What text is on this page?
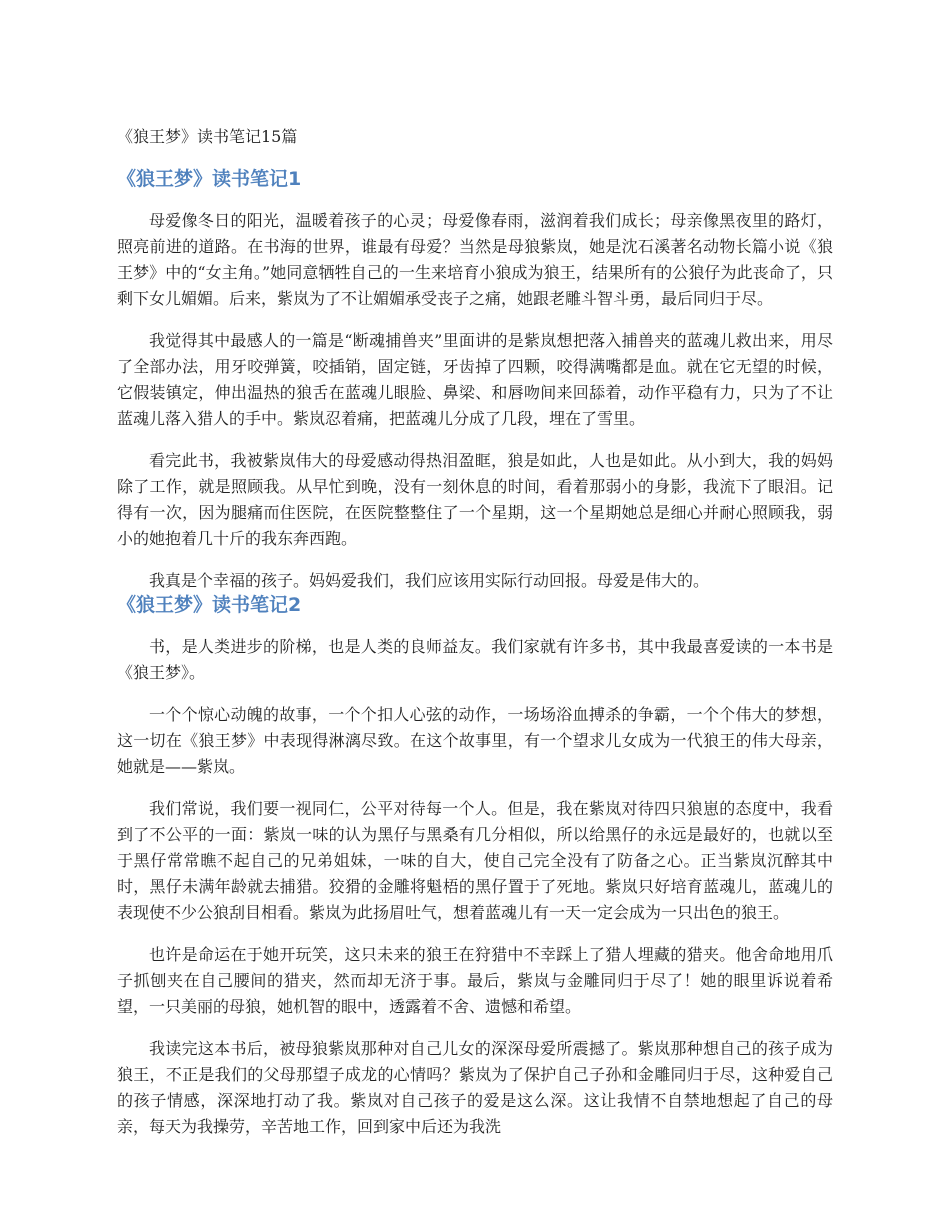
《狼王梦》读书笔记15篇
《狼王梦》读书笔记1

母爱像冬日的阳光，温暖着孩子的心灵；母爱像春雨，滋润着我们成长；母亲像黑夜里的路灯，照亮前进的道路。在书海的世界，谁最有母爱？当然是母狼紫岚，她是沈石溪著名动物长篇小说《狼王梦》中的“女主角。”她同意牺牲自己的一生来培育小狼成为狼王，结果所有的公狼仔为此丧命了，只剩下女儿媚媚。后来，紫岚为了不让媚媚承受丧子之痛，她跟老雕斗智斗勇，最后同归于尽。

我觉得其中最感人的一篇是“断魂捕兽夹”里面讲的是紫岚想把落入捕兽夹的蓝魂儿救出来，用尽了全部办法，用牙咬弹簧，咬插销，固定链，牙齿掉了四颗，咬得满嘴都是血。就在它无望的时候，它假装镇定，伸出温热的狼舌在蓝魂儿眼脸、鼻梁、和唇吻间来回舔着，动作平稳有力，只为了不让蓝魂儿落入猎人的手中。紫岚忍着痛，把蓝魂儿分成了几段，埋在了雪里。

看完此书，我被紫岚伟大的母爱感动得热泪盈眶，狼是如此，人也是如此。从小到大，我的妈妈除了工作，就是照顾我。从早忙到晚，没有一刻休息的时间，看着那弱小的身影，我流下了眼泪。记得有一次，因为腿痛而住医院，在医院整整住了一个星期，这一个星期她总是细心并耐心照顾我，弱小的她抱着几十斤的我东奔西跑。

我真是个幸福的孩子。妈妈爱我们，我们应该用实际行动回报。母爱是伟大的。

《狼王梦》读书笔记2

书，是人类进步的阶梯，也是人类的良师益友。我们家就有许多书，其中我最喜爱读的一本书是《狼王梦》。

一个个惊心动魄的故事，一个个扣人心弦的动作，一场场浴血搏杀的争霸，一个个伟大的梦想，这一切在《狼王梦》中表现得淋漓尽致。在这个故事里，有一个望求儿女成为一代狼王的伟大母亲，她就是——紫岚。

我们常说，我们要一视同仁，公平对待每一个人。但是，我在紫岚对待四只狼崽的态度中，我看到了不公平的一面：紫岚一味的认为黑仔与黑桑有几分相似，所以给黑仔的永远是最好的，也就以至于黑仔常常瞧不起自己的兄弟姐妹，一味的自大，使自己完全没有了防备之心。正当紫岚沉醉其中时，黑仔未满年龄就去捕猎。狡猾的金雕将魁梧的黑仔置于了死地。紫岚只好培育蓝魂儿，蓝魂儿的表现使不少公狼刮目相看。紫岚为此扬眉吐气，想着蓝魂儿有一天一定会成为一只出色的狼王。

也许是命运在于她开玩笑，这只未来的狼王在狩猎中不幸踩上了猎人埋藏的猎夹。他舍命地用爪子抓刨夹在自己腰间的猎夹，然而却无济于事。最后，紫岚与金雕同归于尽了！她的眼里诉说着希望，一只美丽的母狼，她机智的眼中，透露着不舍、遗憾和希望。

我读完这本书后，被母狼紫岚那种对自己儿女的深深母爱所震撼了。紫岚那种想自己的孩子成为狼王，不正是我们的父母那望子成龙的心情吗？紫岚为了保护自己子孙和金雕同归于尽，这种爱自己的孩子情感，深深地打动了我。紫岚对自己孩子的爱是这么深。这让我情不自禁地想起了自己的母亲，每天为我操劳，辛苦地工作，回到家中后还为我洗
